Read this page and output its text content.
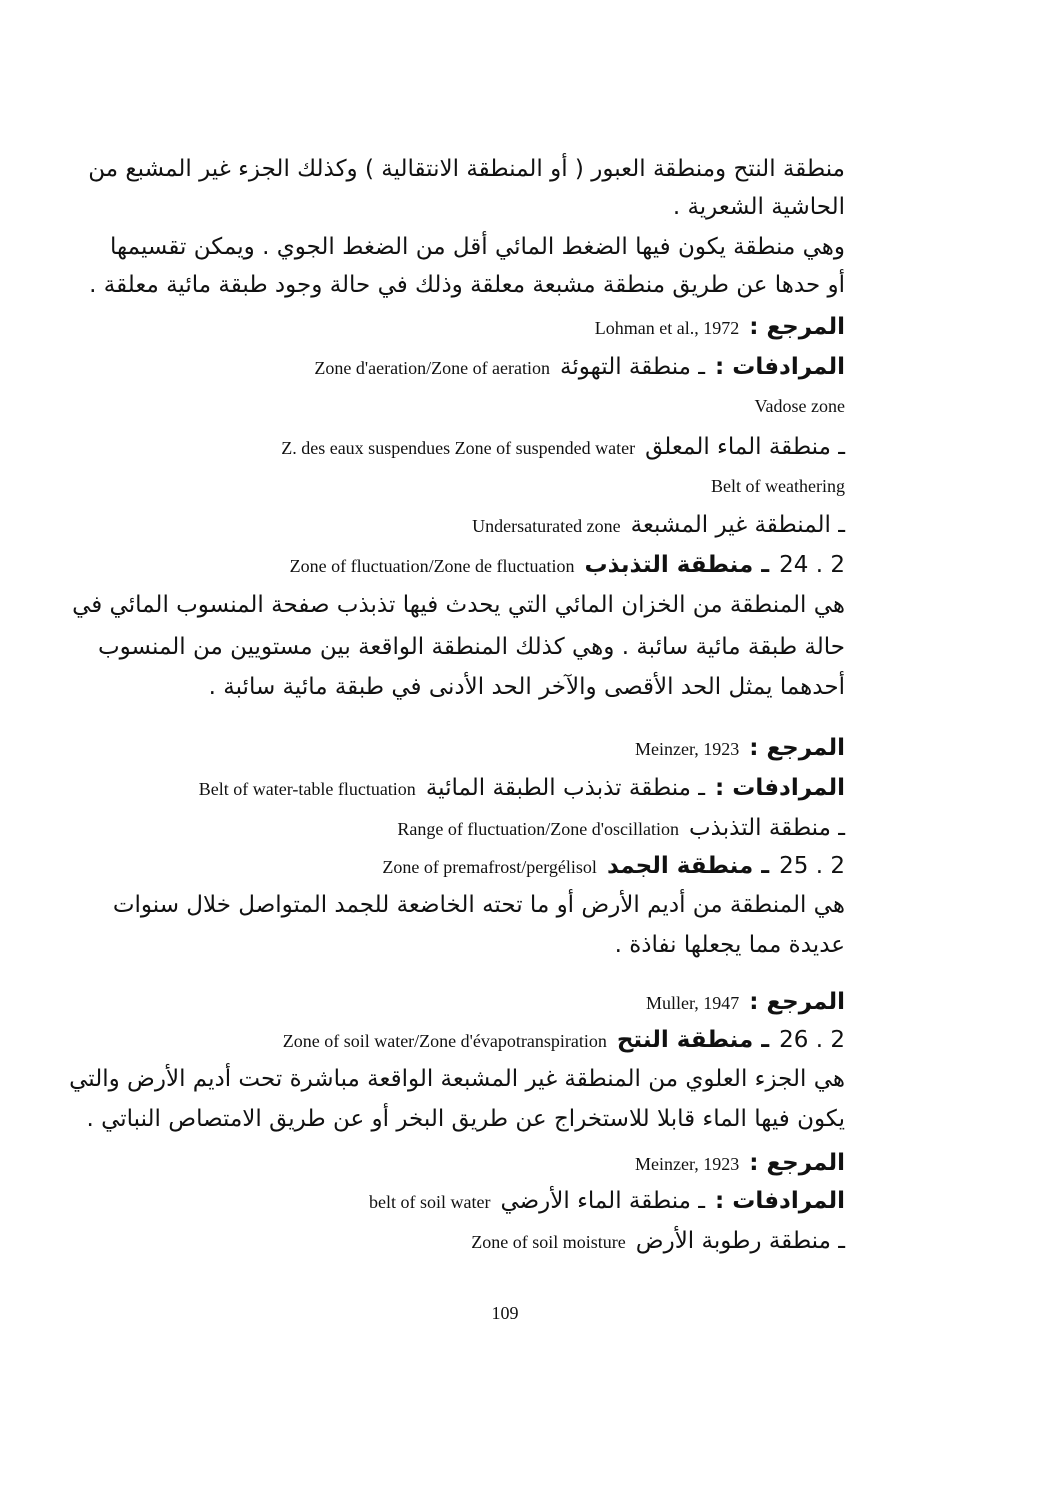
منطقة النتح ومنطقة العبور ( أو المنطقة الانتقالية ) وكذلك الجزء غير المشبع من
الحاشية الشعرية .
وهي منطقة يكون فيها الضغط المائي أقل من الضغط الجوي . ويمكن تقسيمها
أو حدها عن طريق منطقة مشبعة معلقة وذلك في حالة وجود طبقة مائية معلقة .
المرجع :
Lohman et al., 1972
المرادفات :
ـ منطقة التهوئة
Zone d'aeration/Zone of aeration
Vadose zone
ـ منطقة الماء المعلق
Z. des eaux suspendues Zone of suspended water
Belt of weathering
ـ المنطقة غير المشبعة
Undersaturated zone
24 . 2
ـ منطقة التذبذب
Zone of fluctuation/Zone de fluctuation
هي المنطقة من الخزان المائي التي يحدث فيها تذبذب صفحة المنسوب المائي في
حالة طبقة مائية سائبة . وهي كذلك المنطقة الواقعة بين مستويين من المنسوب
أحدهما يمثل الحد الأقصى والآخر الحد الأدنى في طبقة مائية سائبة .
المرجع :
Meinzer, 1923
المرادفات :
ـ منطقة تذبذب الطبقة المائية
Belt of water-table fluctuation
ـ منطقة التذبذب
Range of fluctuation/Zone d'oscillation
25 . 2
ـ منطقة الجمد
Zone of premafrost/pergélisol
هي المنطقة من أديم الأرض أو ما تحته الخاضعة للجمد المتواصل خلال سنوات
عديدة مما يجعلها نفاذة .
المرجع :
Muller, 1947
26 . 2
ـ منطقة النتح
Zone of soil water/Zone d'évapotranspiration
هي الجزء العلوي من المنطقة غير المشبعة الواقعة مباشرة تحت أديم الأرض والتي
يكون فيها الماء قابلا للاستخراج عن طريق البخر أو عن طريق الامتصاص النباتي .
المرجع :
Meinzer, 1923
المرادفات :
ـ منطقة الماء الأرضي
belt of soil water
ـ منطقة رطوبة الأرض
Zone of soil moisture
109
